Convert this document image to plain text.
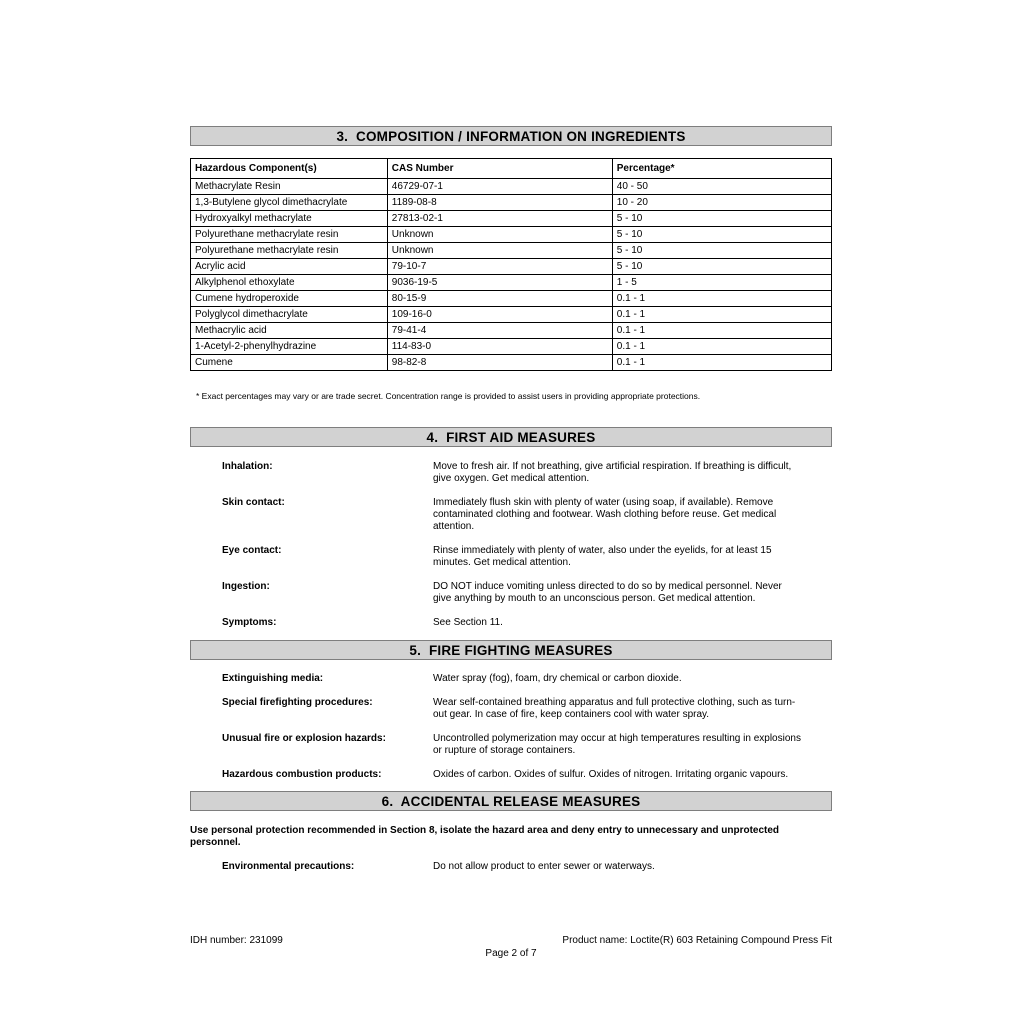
3.  COMPOSITION / INFORMATION ON INGREDIENTS
Hazardous Component(s)	CAS Number	Percentage*
Methacrylate Resin	46729-07-1	40 - 50
1,3-Butylene glycol dimethacrylate	1189-08-8	10 - 20
Hydroxyalkyl methacrylate	27813-02-1	5 - 10
Polyurethane methacrylate resin	Unknown	5 - 10
Polyurethane methacrylate resin	Unknown	5 - 10
Acrylic acid	79-10-7	5 - 10
Alkylphenol ethoxylate	9036-19-5	1 - 5
Cumene hydroperoxide	80-15-9	0.1 - 1
Polyglycol dimethacrylate	109-16-0	0.1 - 1
Methacrylic acid	79-41-4	0.1 - 1
1-Acetyl-2-phenylhydrazine	114-83-0	0.1 - 1
Cumene	98-82-8	0.1 - 1
* Exact percentages may vary or are trade secret. Concentration range is provided to assist users in providing appropriate protections.
4.  FIRST AID MEASURES
Inhalation:	Move to fresh air. If not breathing, give artificial respiration. If breathing is difficult, give oxygen. Get medical attention.
Skin contact:	Immediately flush skin with plenty of water (using soap, if available). Remove contaminated clothing and footwear. Wash clothing before reuse. Get medical attention.
Eye contact:	Rinse immediately with plenty of water, also under the eyelids, for at least 15 minutes. Get medical attention.
Ingestion:	DO NOT induce vomiting unless directed to do so by medical personnel. Never give anything by mouth to an unconscious person. Get medical attention.
Symptoms:	See Section 11.
5.  FIRE FIGHTING MEASURES
Extinguishing media:	Water spray (fog), foam, dry chemical or carbon dioxide.
Special firefighting procedures:	Wear self-contained breathing apparatus and full protective clothing, such as turn-out gear. In case of fire, keep containers cool with water spray.
Unusual fire or explosion hazards:	Uncontrolled polymerization may occur at high temperatures resulting in explosions or rupture of storage containers.
Hazardous combustion products:	Oxides of carbon. Oxides of sulfur. Oxides of nitrogen. Irritating organic vapours.
6.  ACCIDENTAL RELEASE MEASURES
Use personal protection recommended in Section 8, isolate the hazard area and deny entry to unnecessary and unprotected personnel.
Environmental precautions:	Do not allow product to enter sewer or waterways.
IDH number: 231099	Product name: Loctite(R) 603 Retaining Compound Press Fit
Page 2 of 7
